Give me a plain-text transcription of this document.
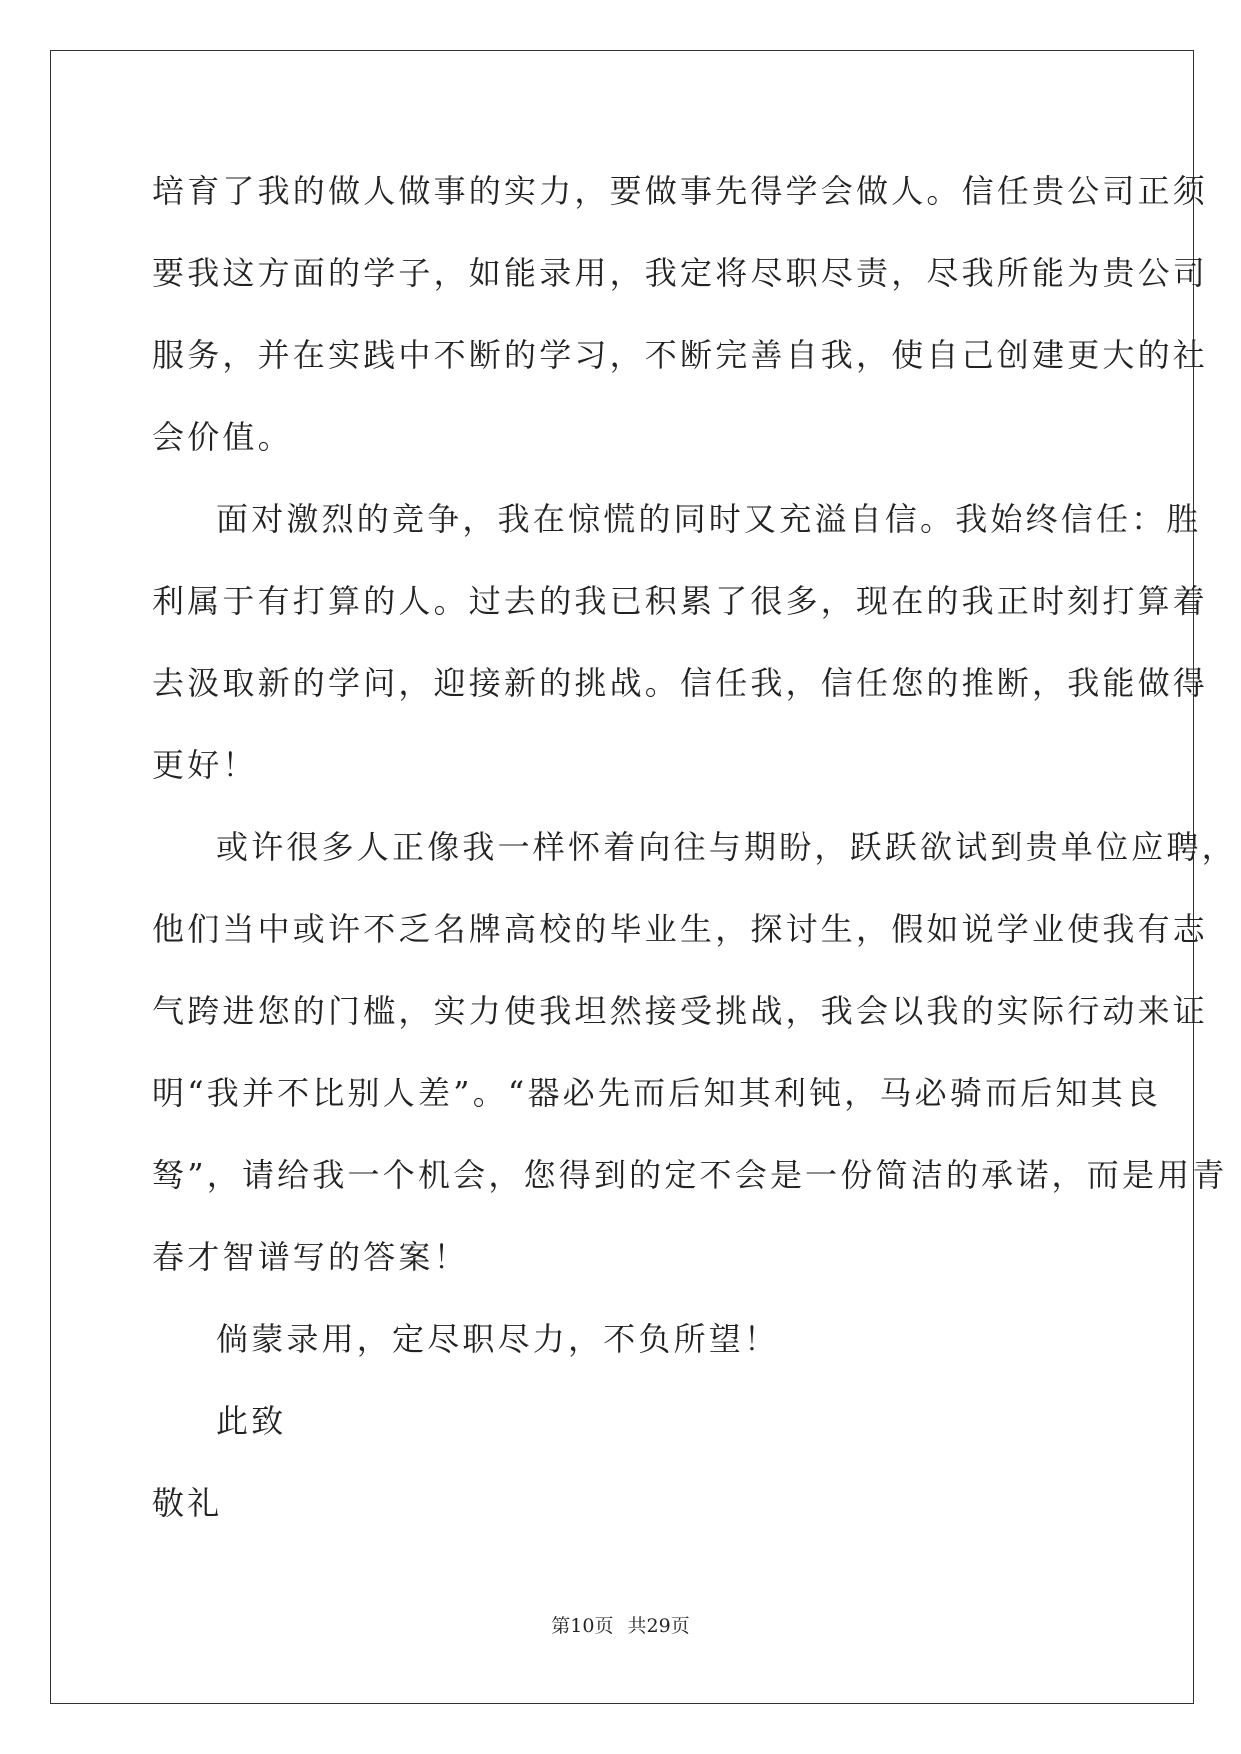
培育了我的做人做事的实力，要做事先得学会做人。信任贵公司正须
要我这方面的学子，如能录用，我定将尽职尽责，尽我所能为贵公司
服务，并在实践中不断的学习，不断完善自我，使自己创建更大的社
会价值。
面对激烈的竞争，我在惊慌的同时又充溢自信。我始终信任：胜
利属于有打算的人。过去的我已积累了很多，现在的我正时刻打算着
去汲取新的学问，迎接新的挑战。信任我，信任您的推断，我能做得
更好！
或许很多人正像我一样怀着向往与期盼，跃跃欲试到贵单位应聘，
他们当中或许不乏名牌高校的毕业生，探讨生，假如说学业使我有志
气跨进您的门槛，实力使我坦然接受挑战，我会以我的实际行动来证
明“我并不比别人差”。“器必先而后知其利钝，马必骑而后知其良
驽”，请给我一个机会，您得到的定不会是一份简洁的承诺，而是用青
春才智谱写的答案！
倘蒙录用，定尽职尽力，不负所望！
此致
敬礼
第10页 共29页
